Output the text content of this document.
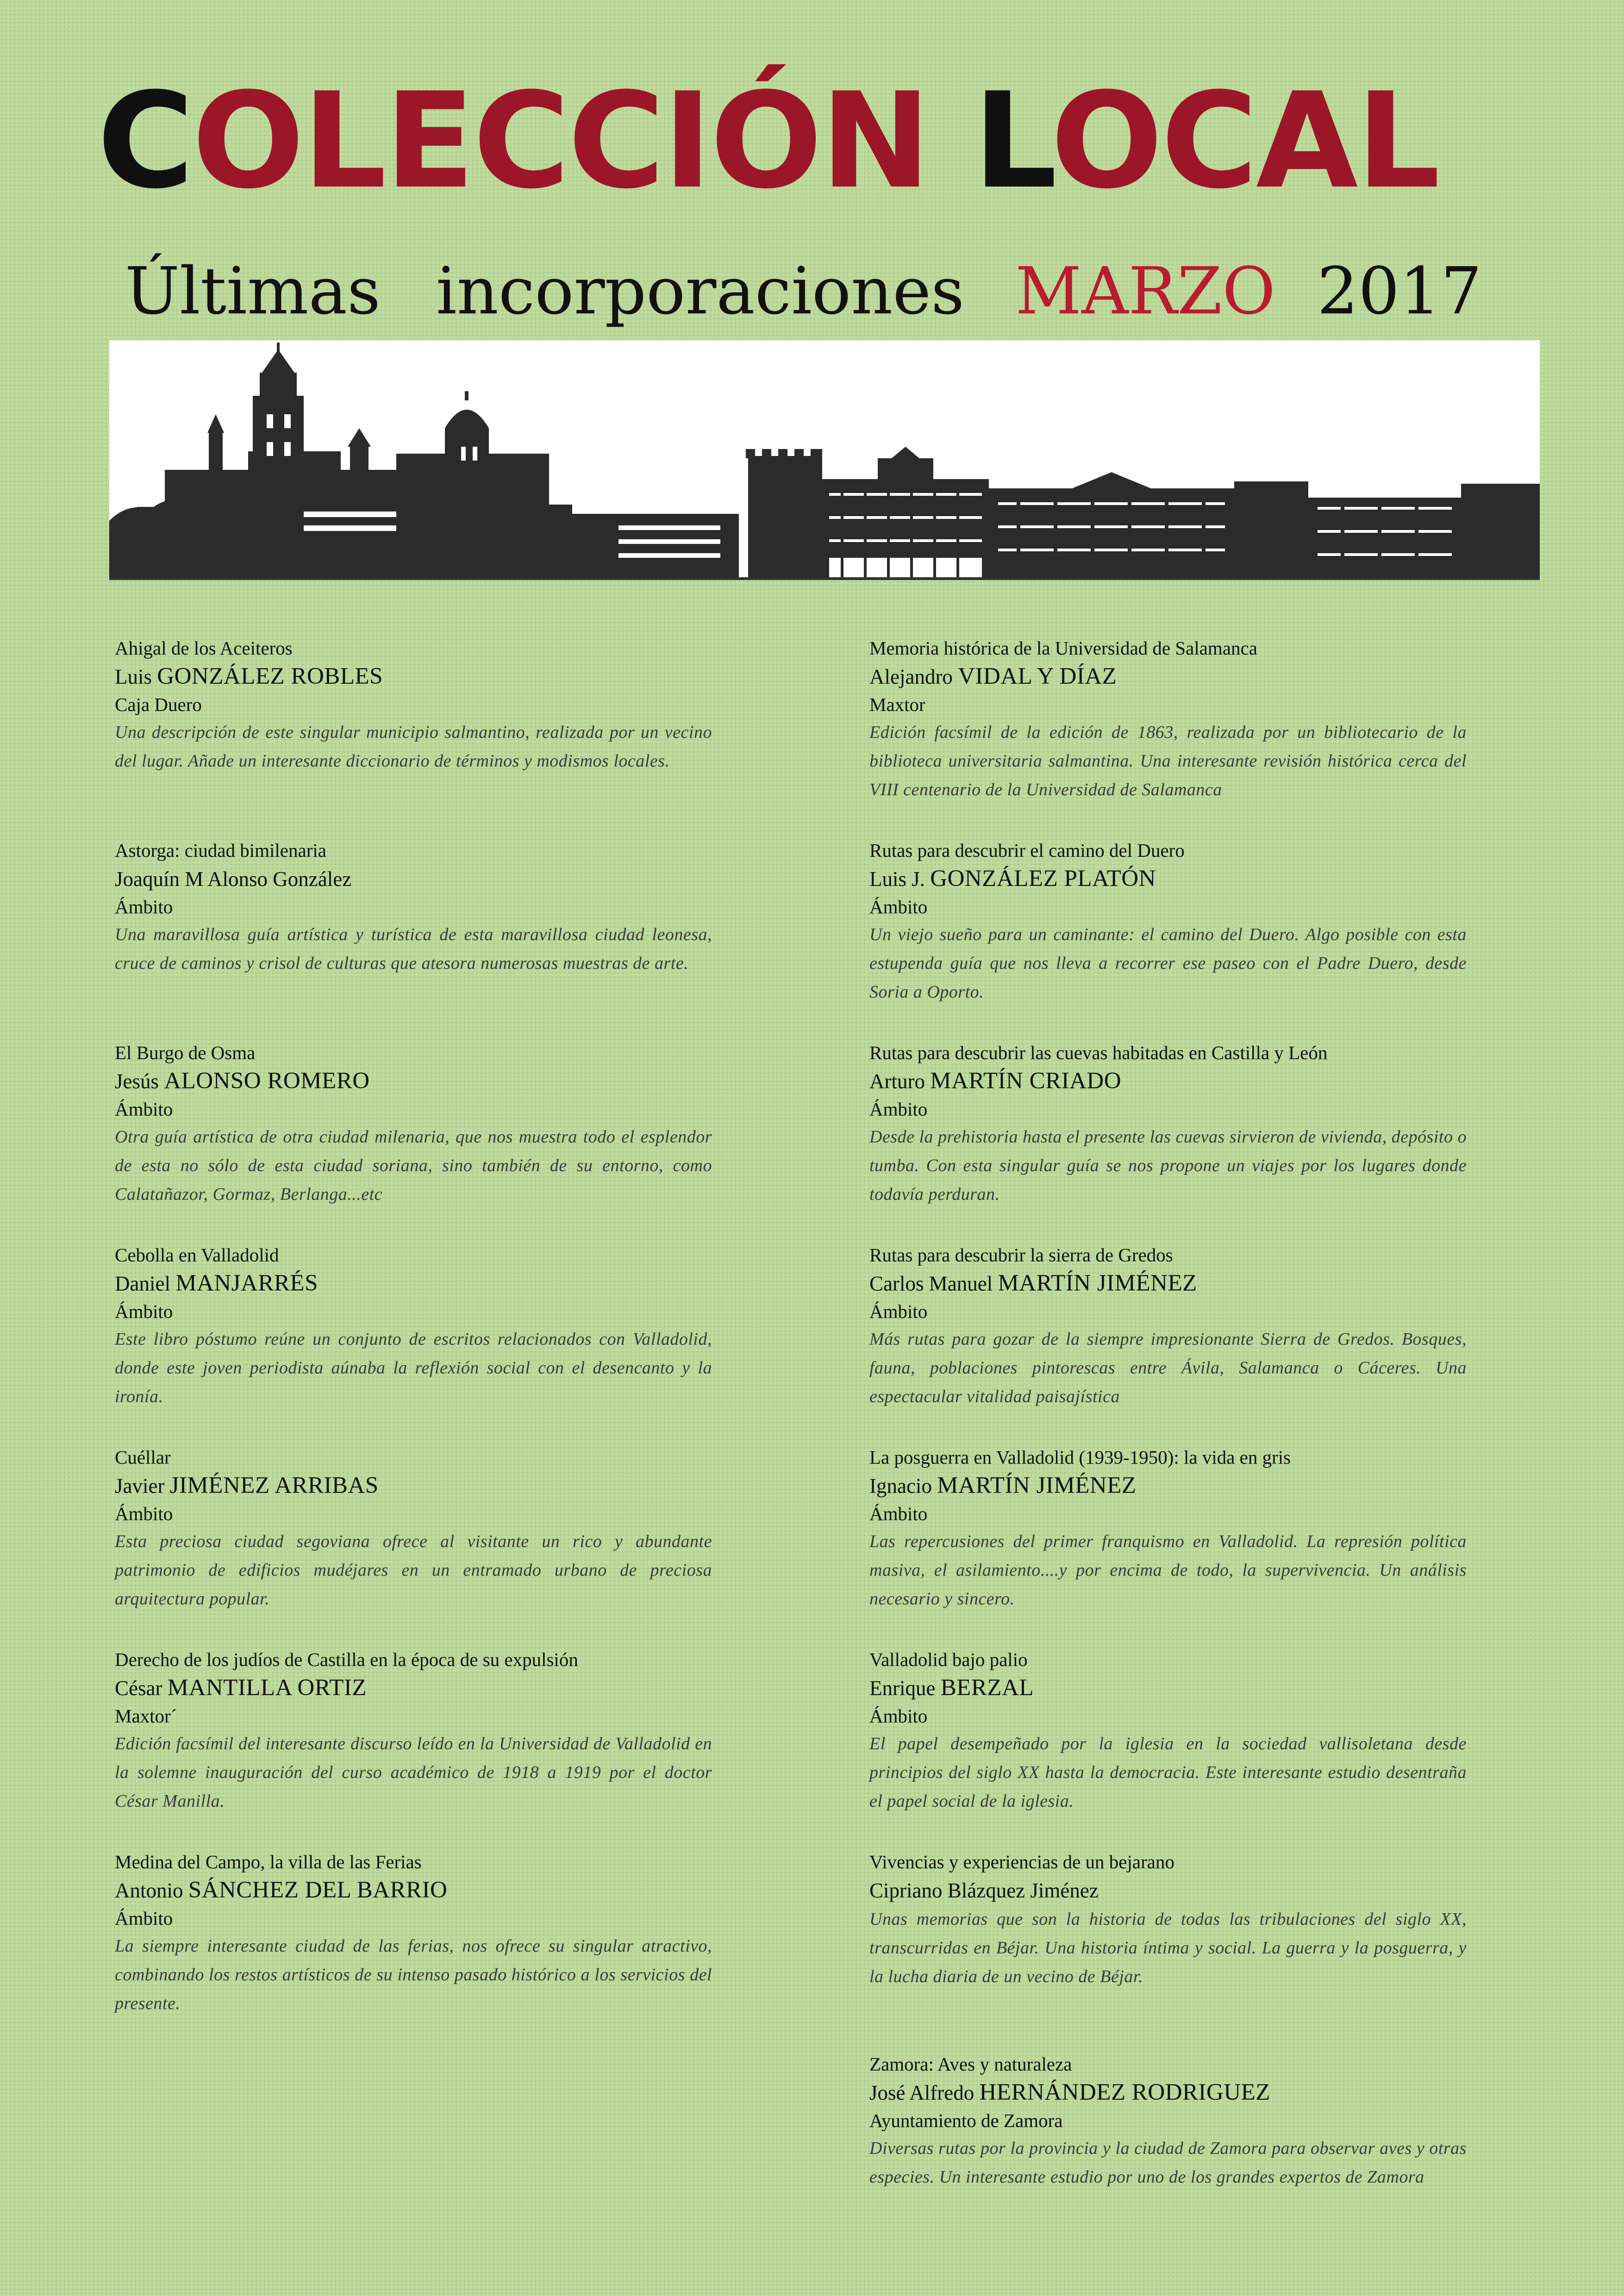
COLECCIÓN LOCAL
Últimas incorporaciones MARZO 2017
Ahigal de los Aceiteros
Luis GONZÁLEZ ROBLES
Caja Duero
Una descripción de este singular municipio salmantino, realizada por un vecino del lugar. Añade un interesante diccionario de términos y modismos locales.
Astorga: ciudad bimilenaria
Joaquín M Alonso González
Ámbito
Una maravillosa guía artística y turística de esta maravillosa ciudad leonesa, cruce de caminos y crisol de culturas que atesora numerosas muestras de arte.
El Burgo de Osma
Jesús ALONSO ROMERO
Ámbito
Otra guía artística de otra ciudad milenaria, que nos muestra todo el esplendor de esta no sólo de esta ciudad soriana, sino también de su entorno, como Calatañazor, Gormaz, Berlanga...etc
Cebolla en Valladolid
Daniel MANJARRÉS
Ámbito
Este libro póstumo reúne un conjunto de escritos relacionados con Valladolid, donde este joven periodista aúnaba la reflexión social con el desencanto y la ironía.
Cuéllar
Javier JIMÉNEZ ARRIBAS
Ámbito
Esta preciosa ciudad segoviana ofrece al visitante un rico y abundante patrimonio de edificios mudéjares en un entramado urbano de preciosa arquitectura popular.
Derecho de los judíos de Castilla en la época de su expulsión
César MANTILLA ORTIZ
Maxtor´
Edición facsímil del interesante discurso leído en la Universidad de Valladolid en la solemne inauguración del curso académico de 1918 a 1919 por el doctor César Manilla.
Medina del Campo, la villa de las Ferias
Antonio SÁNCHEZ DEL BARRIO
Ámbito
La siempre interesante ciudad de las ferias, nos ofrece su singular atractivo, combinando los restos artísticos de su intenso pasado histórico a los servicios del presente.
Memoria histórica de la Universidad de Salamanca
Alejandro VIDAL Y DÍAZ
Maxtor
Edición facsímil de la edición de 1863, realizada por un bibliotecario de la biblioteca universitaria salmantina. Una interesante revisión histórica cerca del VIII centenario de la Universidad de Salamanca
Rutas para descubrir el camino del Duero
Luis J. GONZÁLEZ PLATÓN
Ámbito
Un viejo sueño para un caminante: el camino del Duero. Algo posible con esta estupenda guía que nos lleva a recorrer ese paseo con el Padre Duero, desde Soria a Oporto.
Rutas para descubrir las cuevas habitadas en Castilla y León
Arturo MARTÍN CRIADO
Ámbito
Desde la prehistoria hasta el presente las cuevas sirvieron de vivienda, depósito o tumba. Con esta singular guía se nos propone un viajes por los lugares donde todavía perduran.
Rutas para descubrir la sierra de Gredos
Carlos Manuel MARTÍN JIMÉNEZ
Ámbito
Más rutas para gozar de la siempre impresionante Sierra de Gredos. Bosques, fauna, poblaciones pintorescas entre Ávila, Salamanca o Cáceres. Una espectacular vitalidad paisajística
La posguerra en Valladolid (1939-1950): la vida en gris
Ignacio MARTÍN JIMÉNEZ
Ámbito
Las repercusiones del primer franquismo en Valladolid. La represión política masiva, el asilamiento....y por encima de todo, la supervivencia. Un análisis necesario y sincero.
Valladolid bajo palio
Enrique BERZAL
Ámbito
El papel desempeñado por la iglesia en la sociedad vallisoletana desde principios del siglo XX hasta la democracia. Este interesante estudio desentraña el papel social de la iglesia.
Vivencias y experiencias de un bejarano
Cipriano Blázquez Jiménez
Unas memorias que son la historia de todas las tribulaciones del siglo XX, transcurridas en Béjar. Una historia íntima y social. La guerra y la posguerra, y la lucha diaria de un vecino de Béjar.
Zamora: Aves y naturaleza
José Alfredo HERNÁNDEZ RODRIGUEZ
Ayuntamiento de Zamora
Diversas rutas por la provincia y la ciudad de Zamora para observar aves y otras especies. Un interesante estudio por uno de los grandes expertos de Zamora
